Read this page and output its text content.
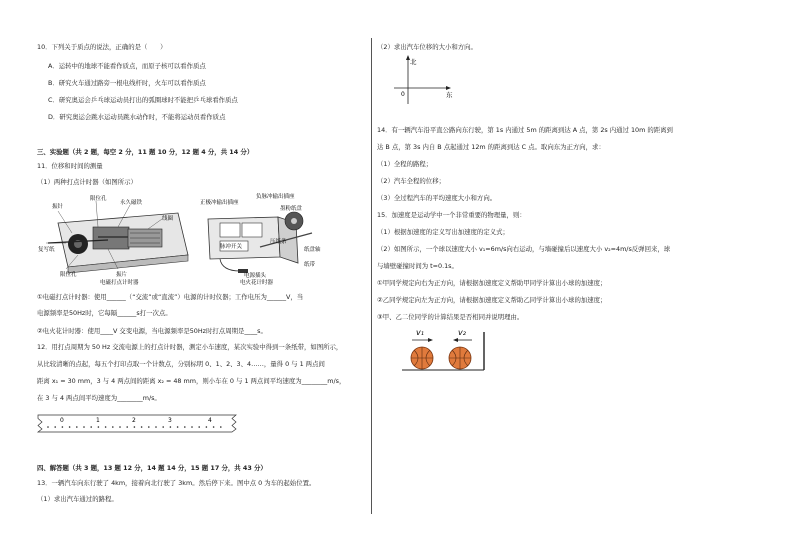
10．下列关于质点的说法，正确的是（　　）
A．运转中的地球不能看作质点，而原子核可以看作质点
B．研究火车通过路旁一根电线杆时，火车可以看作质点
C．研究奥运会乒乓球运动员打出的弧圈球时不能把乒乓球看作质点
D．研究奥运会跳水运动员跳水动作时，不能将运动员看作质点
三、实验题（共 2 题，每空 2 分，11 题 10 分，12 题 4 分，共 14 分）
11．位移和时间的测量
（1）两种打点计时器（如图所示）
振针
限位孔
永久磁铁
线圈
复写纸
限位孔	振片
电磁打点计时器
正极冲输出插座
负脉冲输出插座
墨粉纸盘
脉冲开关
压纸条
纸盘轴
纸带
电源插头
电火花计时器
①电磁打点计时器：使用______（“交流”或“直流”）电源的计时仪器；工作电压为______V，当
电源频率是50Hz时，它每隔______s打一次点。
②电火花计时器：使用____V 交变电源，当电源频率是50Hz时打点周期是____s。
12．用打点周期为 50 Hz 交流电源上的打点计时器，测定小车速度，某次实验中得到一条纸带，如图所示，
从比较清晰的点起，每五个打印点取一个计数点，分别标明 0、1、2、3、4……，量得 0 与 1 两点间
距离 x₁ = 30 mm，3 与 4 两点间的距离 x₂ = 48 mm，则小车在 0 与 1 两点间平均速度为________m/s，
在 3 与 4 两点间平均速度为________m/s。
0	1	2	3	4
四、解答题（共 3 题，13 题 12 分，14 题 14 分，15 题 17 分，共 43 分）
13．一辆汽车向东行驶了 4km，接着向北行驶了 3km。然后停下来。图中点 0 为车的起始位置。
（1）求出汽车通过的路程。
（2）求出汽车位移的大小和方向。
北
东
0
14．有一辆汽车沿平直公路向东行驶，第 1s 内通过 5m 的距离到达 A 点，第 2s 内通过 10m 的距离到
达 B 点，第 3s 内自 B 点起通过 12m 的距离到达 C 点。取向东为正方向，求：
（1）全程的路程；
（2）汽车全程的位移；
（3）全过程汽车的平均速度大小和方向。
15．加速度是运动学中一个非常重要的物理量，则：
（1）根据加速度的定义写出加速度的定义式；
（2）如图所示，一个球以速度大小 v₁=6m/s向右运动，与墙碰撞后以速度大小 v₂=4m/s反弹回来，球
与墙壁碰撞时间为 t=0.1s。
①甲同学规定向右为正方向，请根据加速度定义帮助甲同学计算出小球的加速度；
②乙同学规定向左为正方向，请根据加速度定义帮助乙同学计算出小球的加速度；
③甲、乙二位同学的计算结果是否相同并说明理由。
v₁	v₂
